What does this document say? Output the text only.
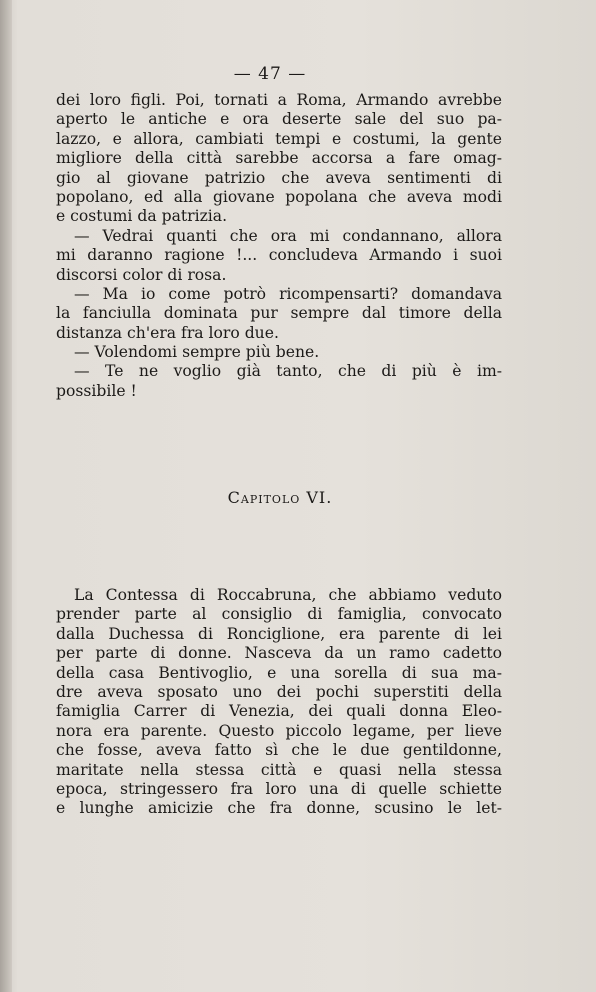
— 47 —
dei loro figli. Poi, tornati a Roma, Armando avrebbe
aperto le antiche e ora deserte sale del suo pa-
lazzo, e allora, cambiati tempi e costumi, la gente
migliore della città sarebbe accorsa a fare omag-
gio al giovane patrizio che aveva sentimenti di
popolano, ed alla giovane popolana che aveva modi
e costumi da patrizia.
— Vedrai quanti che ora mi condannano, allora
mi daranno ragione !... concludeva Armando i suoi
discorsi color di rosa.
— Ma io come potrò ricompensarti? domandava
la fanciulla dominata pur sempre dal timore della
distanza ch'era fra loro due.
— Volendomi sempre più bene.
— Te ne voglio già tanto, che di più è im-
possibile !
Capitolo VI.
La Contessa di Roccabruna, che abbiamo veduto
prender parte al consiglio di famiglia, convocato
dalla Duchessa di Ronciglione, era parente di lei
per parte di donne. Nasceva da un ramo cadetto
della casa Bentivoglio, e una sorella di sua ma-
dre aveva sposato uno dei pochi superstiti della
famiglia Carrer di Venezia, dei quali donna Eleo-
nora era parente. Questo piccolo legame, per lieve
che fosse, aveva fatto sì che le due gentildonne,
maritate nella stessa città e quasi nella stessa
epoca, stringessero fra loro una di quelle schiette
e lunghe amicizie che fra donne, scusino le let-
